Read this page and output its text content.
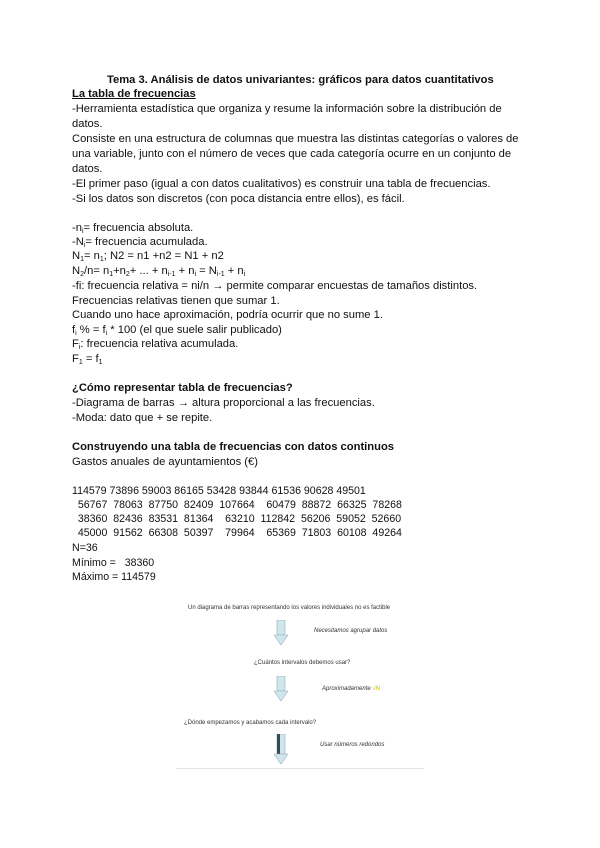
Tema 3. Análisis de datos univariantes: gráficos para datos cuantitativos
La tabla de frecuencias
-Herramienta estadística que organiza y resume la información sobre la distribución de
datos.
Consiste en una estructura de columnas que muestra las distintas categorías o valores de
una variable, junto con el número de veces que cada categoría ocurre en un conjunto de
datos.
-El primer paso (igual a con datos cualitativos) es construir una tabla de frecuencias.
-Si los datos son discretos (con poca distancia entre ellos), es fácil.
$-n_i=$ frecuencia absoluta.
$-N_i=$ frecuencia acumulada.
$N_1= n_1$; N2 = n1 +n2 = N1 + n2
$N_2/n= n_1+n_2+$ ... + $n_{i-1} + n_i = N_{i-1} + n_i$
-fi: frecuencia relativa = ni/n → permite comparar encuestas de tamaños distintos.
Frecuencias relativas tienen que sumar 1.
Cuando uno hace aproximación, podría ocurrir que no sume 1.
$f_i$ % = $f_i * 100$ (el que suele salir publicado)
$F_i$: frecuencia relativa acumulada.
$F_1 = f_1$
¿Cómo representar tabla de frecuencias?
-Diagrama de barras → altura proporcional a las frecuencias.
-Moda: dato que + se repite.
Construyendo una tabla de frecuencias con datos continuos
Gastos anuales de ayuntamientos (€)
114579 73896 59003 86165 53428 93844 61536 90628 49501
56767  78063  87750  82409  107664    60479  88872  66325  78268
38360  82436  83531  81364    63210  112842  56206  59052  52660
45000  91562  66308  50397    79964    65369  71803  60108  49264
N=36
Mínimo =   38360
Máximo = 114579
Un diagrama de barras representando los valores individuales no es factible
Necesitamos agrupar datos
¿Cuántos intervalos debemos usar?
Aproximadamente √N
¿Dónde empezamos y acabamos cada intervalo?
Usar números redondos
